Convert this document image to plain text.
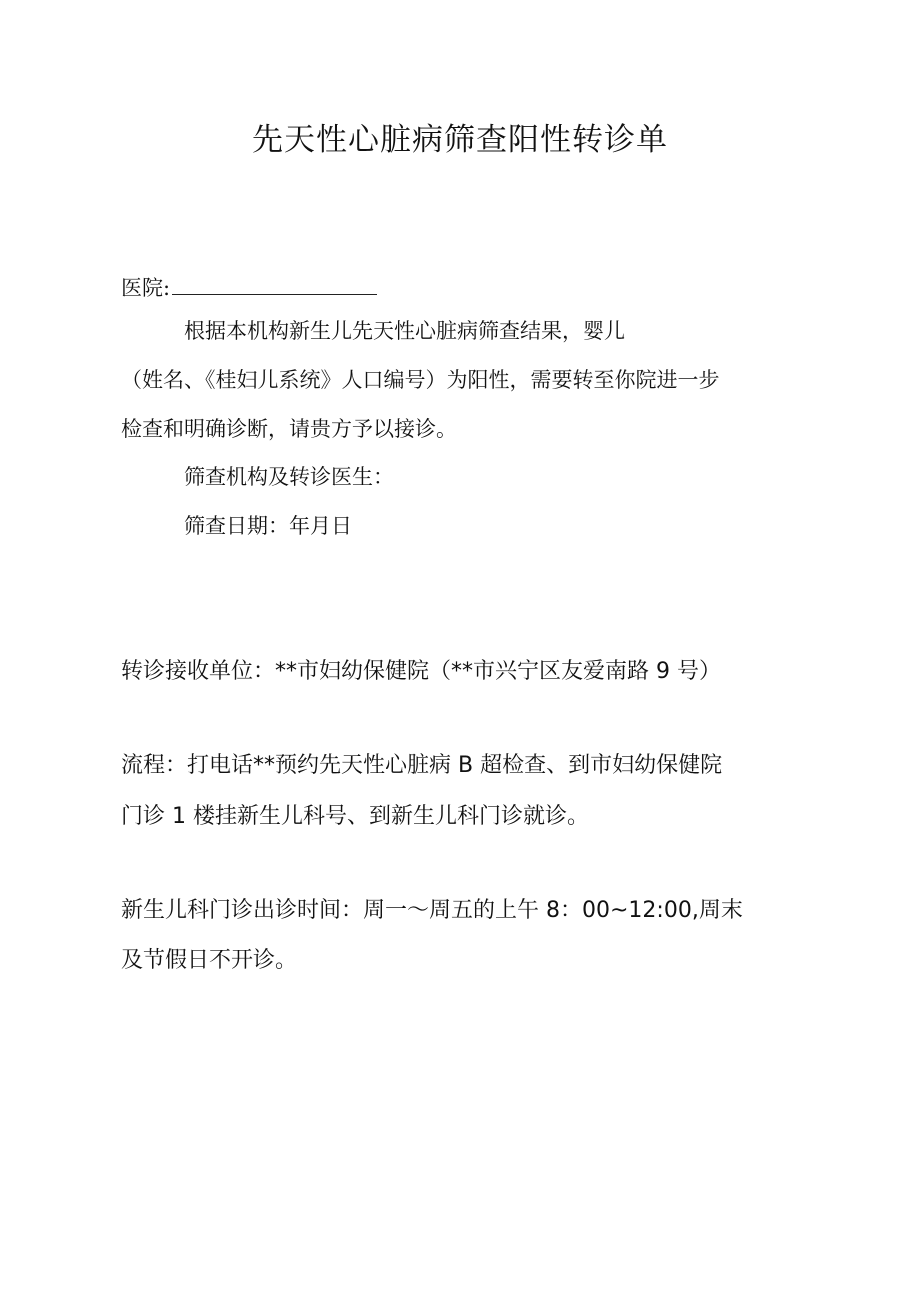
先天性心脏病筛查阳性转诊单

医院:

根据本机构新生儿先天性心脏病筛查结果，婴儿

（姓名、《桂妇儿系统》人口编号）为阳性，需要转至你院进一步

检查和明确诊断，请贵方予以接诊。

筛查机构及转诊医生：

筛查日期：年月日

转诊接收单位：**市妇幼保健院（**市兴宁区友爱南路 9 号）

流程：打电话**预约先天性心脏病 B 超检查、到市妇幼保健院

门诊 1 楼挂新生儿科号、到新生儿科门诊就诊。

新生儿科门诊出诊时间：周一～周五的上午 8：00~12:00,周末

及节假日不开诊。
